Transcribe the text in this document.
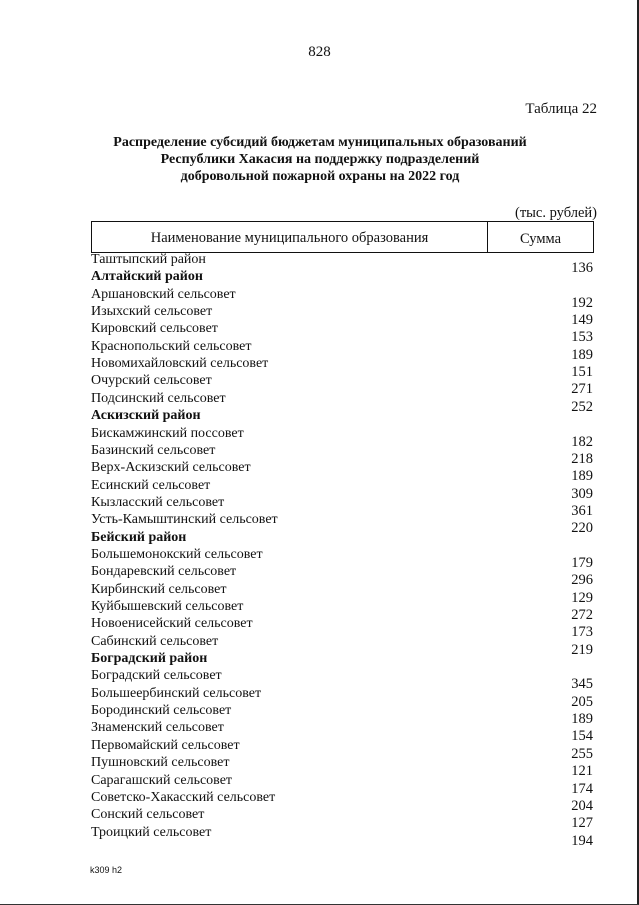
828
Таблица 22
Распределение субсидий бюджетам муниципальных образований
Республики Хакасия на поддержку подразделений
добровольной пожарной охраны на 2022 год
(тыс. рублей)
Наименование муниципального образования	Сумма
Таштыпский район
136
Алтайский район
Аршановский сельсовет
192
Изыхский сельсовет
149
Кировский сельсовет
153
Краснопольский сельсовет
189
Новомихайловский сельсовет
151
Очурский сельсовет
271
Подсинский сельсовет
252
Аскизский район
Бискамжинский поссовет
182
Базинский сельсовет
218
Верх-Аскизский сельсовет
189
Есинский сельсовет
309
Кызласский сельсовет
361
Усть-Камыштинский сельсовет
220
Бейский район
Большемонокский сельсовет
179
Бондаревский сельсовет
296
Кирбинский сельсовет
129
Куйбышевский сельсовет
272
Новоенисейский сельсовет
173
Сабинский сельсовет
219
Боградский район
Боградский сельсовет
345
Большеербинский сельсовет
205
Бородинский сельсовет
189
Знаменский сельсовет
154
Первомайский сельсовет
255
Пушновский сельсовет
121
Сарагашский сельсовет
174
Советско-Хакасский сельсовет
204
Сонский сельсовет
127
Троицкий сельсовет
194
k309 h2
